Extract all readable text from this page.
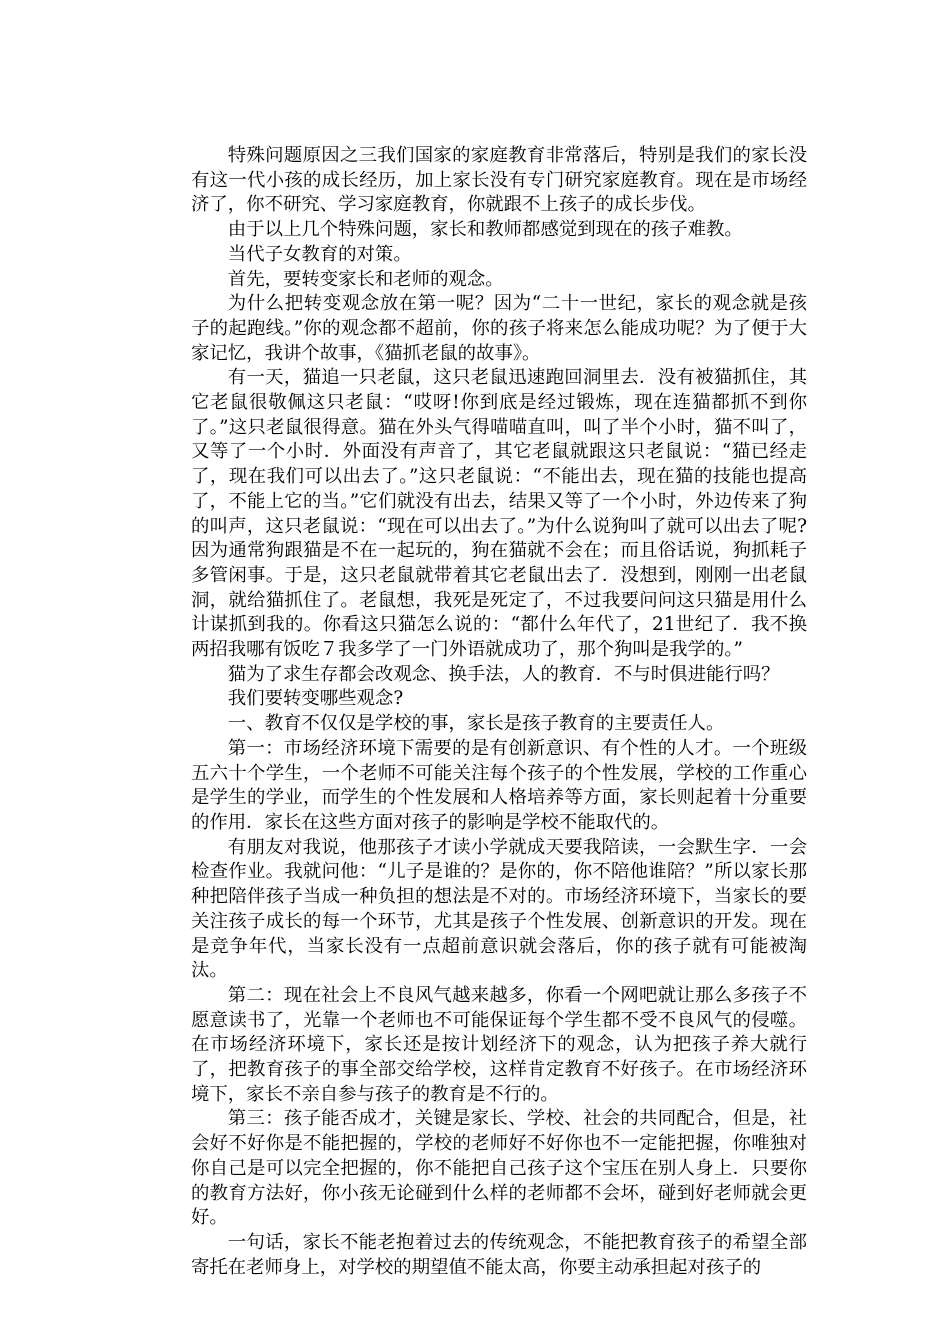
特殊问题原因之三我们国家的家庭教育非常落后，特别是我们的家长没有这一代小孩的成长经历，加上家长没有专门研究家庭教育。现在是市场经济了，你不研究、学习家庭教育，你就跟不上孩子的成长步伐。

由于以上几个特殊问题，家长和教师都感觉到现在的孩子难教。

当代子女教育的对策。

首先，要转变家长和老师的观念。

为什么把转变观念放在第一呢？因为“二十一世纪，家长的观念就是孩子的起跑线。”你的观念都不超前，你的孩子将来怎么能成功呢？为了便于大家记忆，我讲个故事，《猫抓老鼠的故事》。

有一天，猫追一只老鼠，这只老鼠迅速跑回洞里去．没有被猫抓住，其它老鼠很敬佩这只老鼠：“哎呀!你到底是经过锻炼，现在连猫都抓不到你了。”这只老鼠很得意。猫在外头气得喵喵直叫，叫了半个小时，猫不叫了，又等了一个小时．外面没有声音了，其它老鼠就跟这只老鼠说：“猫已经走了，现在我们可以出去了。”这只老鼠说：“不能出去，现在猫的技能也提高了，不能上它的当。”它们就没有出去，结果又等了一个小时，外边传来了狗的叫声，这只老鼠说：“现在可以出去了。”为什么说狗叫了就可以出去了呢?因为通常狗跟猫是不在一起玩的，狗在猫就不会在；而且俗话说，狗抓耗子多管闲事。于是，这只老鼠就带着其它老鼠出去了．没想到，刚刚一出老鼠洞，就给猫抓住了。老鼠想，我死是死定了，不过我要问问这只猫是用什么计谋抓到我的。你看这只猫怎么说的：“都什么年代了，21世纪了．我不换两招我哪有饭吃７我多学了一门外语就成功了，那个狗叫是我学的。”

猫为了求生存都会改观念、换手法，人的教育．不与时俱进能行吗？

我们要转变哪些观念?

一、教育不仅仅是学校的事，家长是孩子教育的主要责任人。

第一：市场经济环境下需要的是有创新意识、有个性的人才。一个班级五六十个学生，一个老师不可能关注每个孩子的个性发展，学校的工作重心是学生的学业，而学生的个性发展和人格培养等方面，家长则起着十分重要的作用．家长在这些方面对孩子的影响是学校不能取代的。

有朋友对我说，他那孩子才读小学就成天要我陪读，一会默生字．一会检查作业。我就问他：“儿子是谁的？是你的，你不陪他谁陪？”所以家长那种把陪伴孩子当成一种负担的想法是不对的。市场经济环境下，当家长的要关注孩子成长的每一个环节，尤其是孩子个性发展、创新意识的开发。现在是竞争年代，当家长没有一点超前意识就会落后，你的孩子就有可能被淘汰。

第二：现在社会上不良风气越来越多，你看一个网吧就让那么多孩子不愿意读书了，光靠一个老师也不可能保证每个学生都不受不良风气的侵噬。在市场经济环境下，家长还是按计划经济下的观念，认为把孩子养大就行了，把教育孩子的事全部交给学校，这样肯定教育不好孩子。在市场经济环境下，家长不亲自参与孩子的教育是不行的。

第三：孩子能否成才，关键是家长、学校、社会的共同配合，但是，社会好不好你是不能把握的，学校的老师好不好你也不一定能把握，你唯独对你自己是可以完全把握的，你不能把自己孩子这个宝压在别人身上．只要你的教育方法好，你小孩无论碰到什么样的老师都不会坏，碰到好老师就会更好。

一句话，家长不能老抱着过去的传统观念，不能把教育孩子的希望全部寄托在老师身上，对学校的期望值不能太高，你要主动承担起对孩子的
